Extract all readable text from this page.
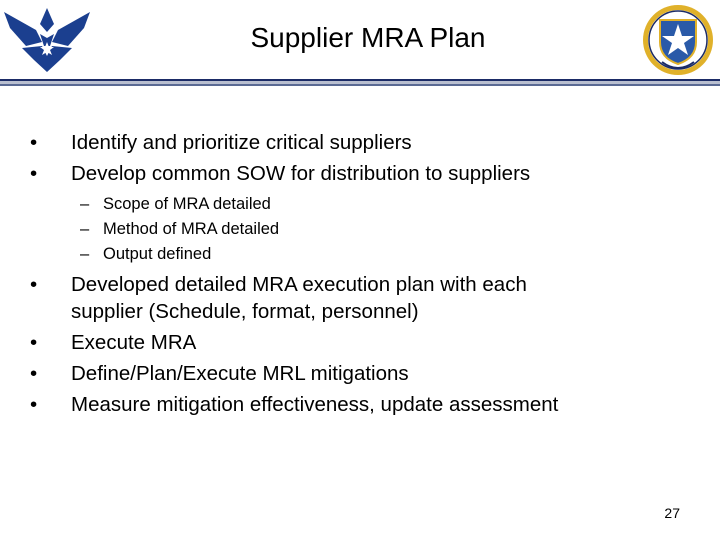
Supplier MRA Plan
•	Identify and prioritize critical suppliers
•	Develop common SOW for distribution to suppliers
– Scope of MRA detailed
– Method of MRA detailed
– Output defined
•	Developed detailed MRA execution plan with each
supplier (Schedule, format, personnel)
•	Execute MRA
•	Define/Plan/Execute MRL mitigations
•	Measure mitigation effectiveness, update assessment
27
